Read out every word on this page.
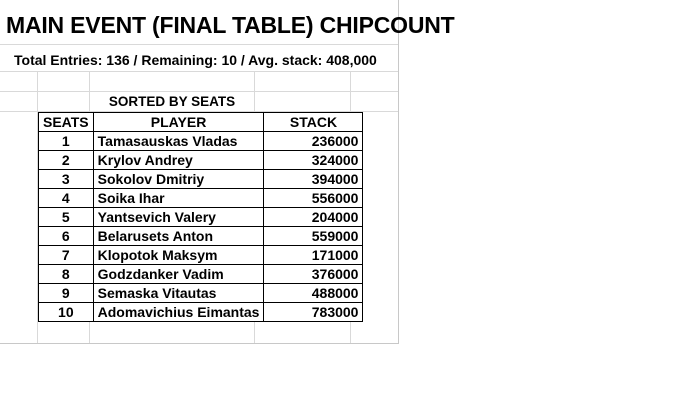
MAIN EVENT (FINAL TABLE) CHIPCOUNT
Total Entries: 136 / Remaining: 10 / Avg. stack: 408,000
SORTED BY SEATS
SEATS	PLAYER	STACK
1	Tamasauskas Vladas	236000
2	Krylov Andrey	324000
3	Sokolov Dmitriy	394000
4	Soika Ihar	556000
5	Yantsevich Valery	204000
6	Belarusets Anton	559000
7	Klopotok Maksym	171000
8	Godzdanker Vadim	376000
9	Semaska Vitautas	488000
10	Adomavichius Eimantas	783000
